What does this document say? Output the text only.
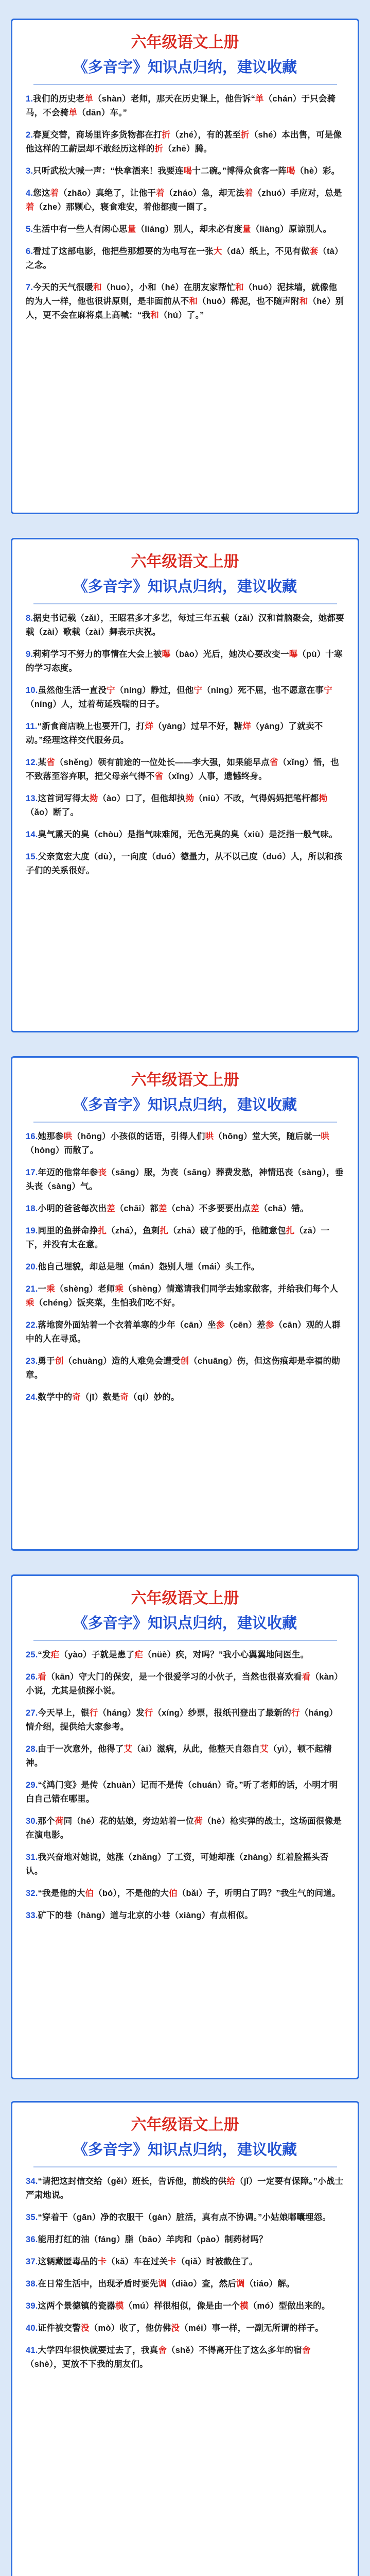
六年级语文上册
《多音字》知识点归纳，建议收藏
1.我们的历史老单（shàn）老师，那天在历史课上，他告诉“单（chán）于只会骑马，不会骑单（dān）车。”
2.春夏交替，商场里许多货物都在打折（zhé），有的甚至折（shé）本出售，可是像他这样的工薪层却不敢经历这样的折（zhē）腾。
3.只听武松大喊一声：“快拿酒来！我要连喝十二碗。”博得众食客一阵喝（hè）彩。
4.您这着（zhāo）真绝了，让他干着（zháo）急，却无法着（zhuó）手应对，总是着（zhe）那颗心，寝食难安，着他都瘦一圈了。
5.生活中有一些人有闲心思量（liáng）别人，却未必有度量（liàng）原谅别人。
6.看过了这部电影，他把些那想要的为电写在一张大（dà）纸上，不见有做套（tà）之念。
7.今天的天气很暖和（huo），小和（hé）在朋友家帮忙和（huó）泥抹墙，就像他的为人一样，他也很讲原则，是非面前从不和（huò）稀泥，也不随声附和（hè）别人，更不会在麻将桌上高喊：“我和（hú）了。”
六年级语文上册
《多音字》知识点归纳，建议收藏
8.据史书记载（zǎi），王昭君多才多艺，每过三年五载（zǎi）汉和首脑聚会，她都要载（zài）歌载（zài）舞表示庆祝。
9.莉莉学习不努力的事情在大会上被曝（bào）光后，她决心要改变一曝（pù）十寒的学习态度。
10.虽然他生活一直没宁（níng）静过，但他宁（nìng）死不屈，也不愿意在事宁（níng）人，过着苟延残喘的日子。
11.“新食商店晚上也要开门，打烊（yàng）过早不好，糖烊（yáng）了就卖不动。”经理这样交代服务员。
12.某省（shěng）领有前途的一位处长——李大强，如果能早点省（xǐng）悟，也不致落至容弃职，把父母亲气得不省（xǐng）人事，遗憾终身。
13.这首词写得太拗（ào）口了，但他却执拗（niù）不改，气得妈妈把笔杆都拗（ǎo）断了。
14.臭气熏天的臭（chòu）是指气味难闻，无色无臭的臭（xiù）是泛指一般气味。
15.父亲宽宏大度（dù），一向度（duó）德量力，从不以己度（duó）人，所以和孩子们的关系很好。
六年级语文上册
《多音字》知识点归纳，建议收藏
16.她那参哄（hōng）小孩似的话语，引得人们哄（hōng）堂大笑，随后就一哄（hòng）而散了。
17.年迈的他常年参丧（sāng）服，为丧（sāng）葬费发愁，神情迅丧（sàng），垂头丧（sàng）气。
18.小明的爸爸每次出差（chāi）都差（chà）不多要要出点差（chā）错。
19.同里的鱼拼命挣扎（zhá），鱼刺扎（zhā）破了他的手，他随意包扎（zā）一下，并没有太在意。
20.他自己埋貌，却总是埋（mán）怨别人埋（mái）头工作。
21.一乘（shèng）老师乘（shèng）情邀请我们同学去她家做客，并给我们每个人乘（chéng）饭夹菜，生怕我们吃不好。
22.落地窗外面站着一个衣着单寒的少年（cān）坐参（cēn）差参（cān）观的人群中的人在寻觅。
23.勇于创（chuàng）造的人难免会遭受创（chuāng）伤，但这伤痕却是幸福的勋章。
24.数学中的奇（jī）数是奇（qí）妙的。
六年级语文上册
《多音字》知识点归纳，建议收藏
25.“发疟（yào）子就是患了疟（nüè）疾，对吗？”我小心翼翼地问医生。
26.看（kān）守大门的保安，是一个很爱学习的小伙子，当然也很喜欢看看（kàn）小说，尤其是侦探小说。
27.今天早上，银行（háng）发行（xíng）纱票，报纸刊登出了最新的行（háng）情介绍，提供给大家参考。
28.由于一次意外，他得了艾（ài）滋病，从此，他整天自怨自艾（yì），顿不起精神。
29.“《鸿门宴》是传（zhuàn）记而不是传（chuán）奇。”听了老师的话，小明才明白自己错在哪里。
30.那个荷同（hé）花的姑娘，旁边站着一位荷（hè）枪实弹的战士，这场面很像是在演电影。
31.我兴奋地对她说，她涨（zhǎng）了工资，可她却涨（zhàng）红着脸摇头否认。
32.“我是他的大伯（bó），不是他的大伯（bǎi）子，听明白了吗？”我生气的问道。
33.矿下的巷（hàng）道与北京的小巷（xiàng）有点相似。
六年级语文上册
《多音字》知识点归纳，建议收藏
34.“请把这封信交给（gěi）班长，告诉他，前线的供给（jǐ）一定要有保障。”小战士严肃地说。
35.“穿着干（gān）净的衣服干（gàn）脏活，真有点不协调。”小姑娘嘟囔埋怨。
36.能用打红的油（fáng）脂（bāo）羊肉和（pào）制药材吗？
37.这辆藏匿毒品的卡（kǎ）车在过关卡（qiǎ）时被截住了。
38.在日常生活中，出现矛盾时要先调（diào）查，然后调（tiáo）解。
39.这两个景德镇的瓷器模（mú）样很相似，像是由一个模（mó）型做出来的。
40.证件被交警没（mò）收了，他仿佛没（méi）事一样，一副无所谓的样子。
41.大学四年很快就要过去了，我真舍（shě）不得离开住了这么多年的宿舍（shè），更放不下我的朋友们。
